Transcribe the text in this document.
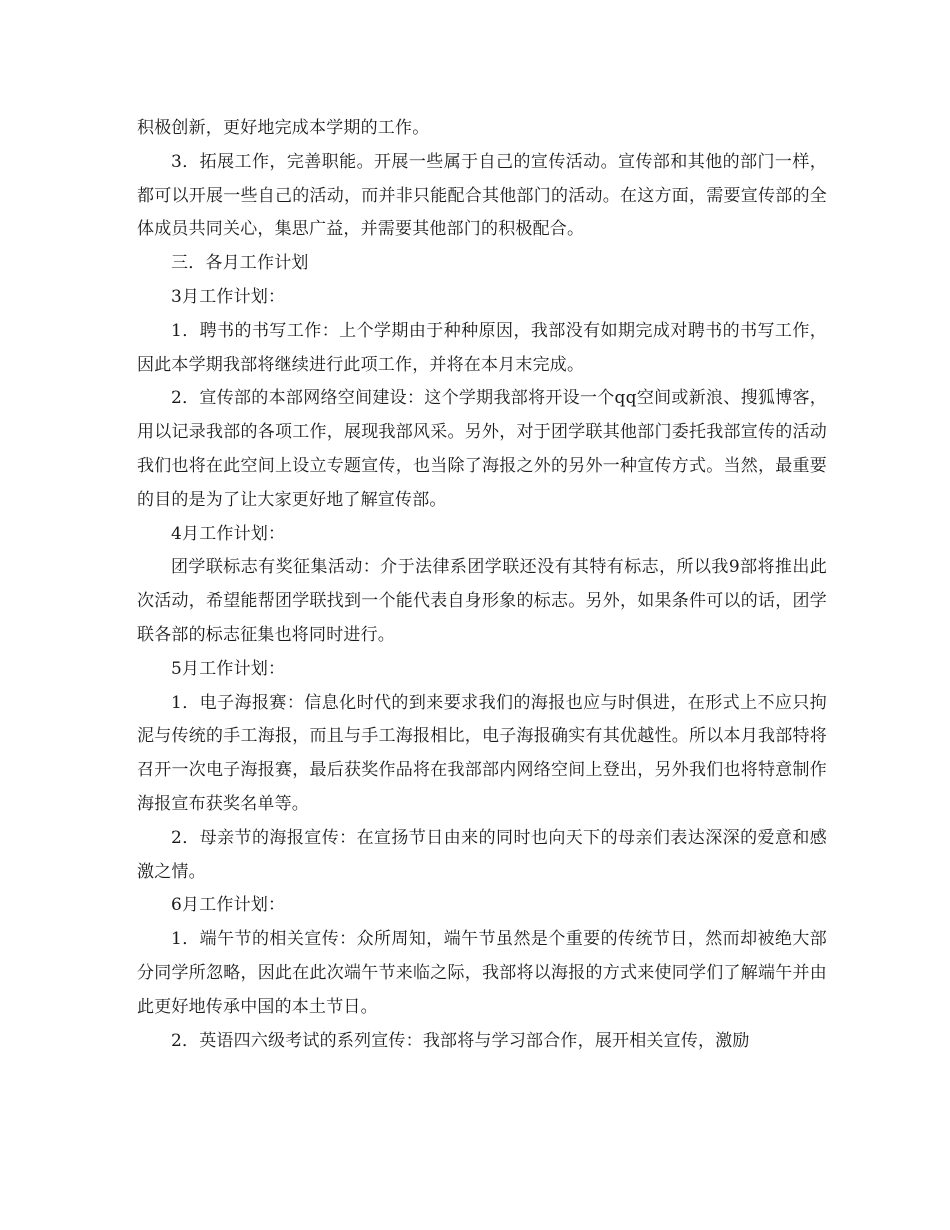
积极创新，更好地完成本学期的工作。

3．拓展工作，完善职能。开展一些属于自己的宣传活动。宣传部和其他的部门一样，都可以开展一些自己的活动，而并非只能配合其他部门的活动。在这方面，需要宣传部的全体成员共同关心，集思广益，并需要其他部门的积极配合。

三．各月工作计划

3月工作计划：

1．聘书的书写工作：上个学期由于种种原因，我部没有如期完成对聘书的书写工作，因此本学期我部将继续进行此项工作，并将在本月末完成。

2．宣传部的本部网络空间建设：这个学期我部将开设一个qq空间或新浪、搜狐博客，用以记录我部的各项工作，展现我部风采。另外，对于团学联其他部门委托我部宣传的活动我们也将在此空间上设立专题宣传，也当除了海报之外的另外一种宣传方式。当然，最重要的目的是为了让大家更好地了解宣传部。

4月工作计划：

团学联标志有奖征集活动：介于法律系团学联还没有其特有标志，所以我9部将推出此次活动，希望能帮团学联找到一个能代表自身形象的标志。另外，如果条件可以的话，团学联各部的标志征集也将同时进行。

5月工作计划：

1．电子海报赛：信息化时代的到来要求我们的海报也应与时俱进，在形式上不应只拘泥与传统的手工海报，而且与手工海报相比，电子海报确实有其优越性。所以本月我部特将召开一次电子海报赛，最后获奖作品将在我部部内网络空间上登出，另外我们也将特意制作海报宣布获奖名单等。

2．母亲节的海报宣传：在宣扬节日由来的同时也向天下的母亲们表达深深的爱意和感激之情。

6月工作计划：

1．端午节的相关宣传：众所周知，端午节虽然是个重要的传统节日，然而却被绝大部分同学所忽略，因此在此次端午节来临之际，我部将以海报的方式来使同学们了解端午并由此更好地传承中国的本土节日。

2．英语四六级考试的系列宣传：我部将与学习部合作，展开相关宣传，激励
